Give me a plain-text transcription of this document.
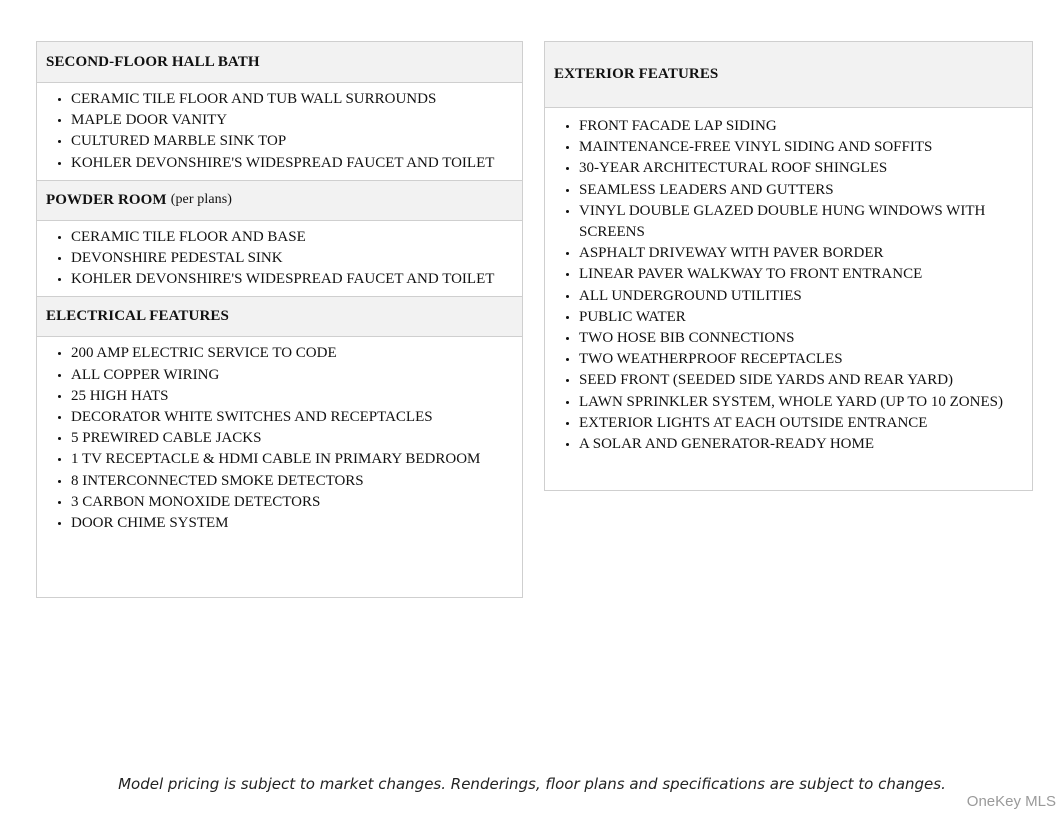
SECOND-FLOOR HALL BATH
• CERAMIC TILE FLOOR AND TUB WALL SURROUNDS
• MAPLE DOOR VANITY
• CULTURED MARBLE SINK TOP
• KOHLER DEVONSHIRE'S WIDESPREAD FAUCET AND TOILET
POWDER ROOM (per plans)
• CERAMIC TILE FLOOR AND BASE
• DEVONSHIRE PEDESTAL SINK
• KOHLER DEVONSHIRE'S WIDESPREAD FAUCET AND TOILET
ELECTRICAL FEATURES
• 200 AMP ELECTRIC SERVICE TO CODE
• ALL COPPER WIRING
• 25 HIGH HATS
• DECORATOR WHITE SWITCHES AND RECEPTACLES
• 5 PREWIRED CABLE JACKS
• 1 TV RECEPTACLE & HDMI CABLE IN PRIMARY BEDROOM
• 8 INTERCONNECTED SMOKE DETECTORS
• 3 CARBON MONOXIDE DETECTORS
• DOOR CHIME SYSTEM
EXTERIOR FEATURES
• FRONT FACADE LAP SIDING
• MAINTENANCE-FREE VINYL SIDING AND SOFFITS
• 30-YEAR ARCHITECTURAL ROOF SHINGLES
• SEAMLESS LEADERS AND GUTTERS
• VINYL DOUBLE GLAZED DOUBLE HUNG WINDOWS WITH SCREENS
• ASPHALT DRIVEWAY WITH PAVER BORDER
• LINEAR PAVER WALKWAY TO FRONT ENTRANCE
• ALL UNDERGROUND UTILITIES
• PUBLIC WATER
• TWO HOSE BIB CONNECTIONS
• TWO WEATHERPROOF RECEPTACLES
• SEED FRONT (SEEDED SIDE YARDS AND REAR YARD)
• LAWN SPRINKLER SYSTEM, WHOLE YARD (UP TO 10 ZONES)
• EXTERIOR LIGHTS AT EACH OUTSIDE ENTRANCE
• A SOLAR AND GENERATOR-READY HOME
Model pricing is subject to market changes. Renderings, floor plans and specifications are subject to changes.
OneKey MLS
